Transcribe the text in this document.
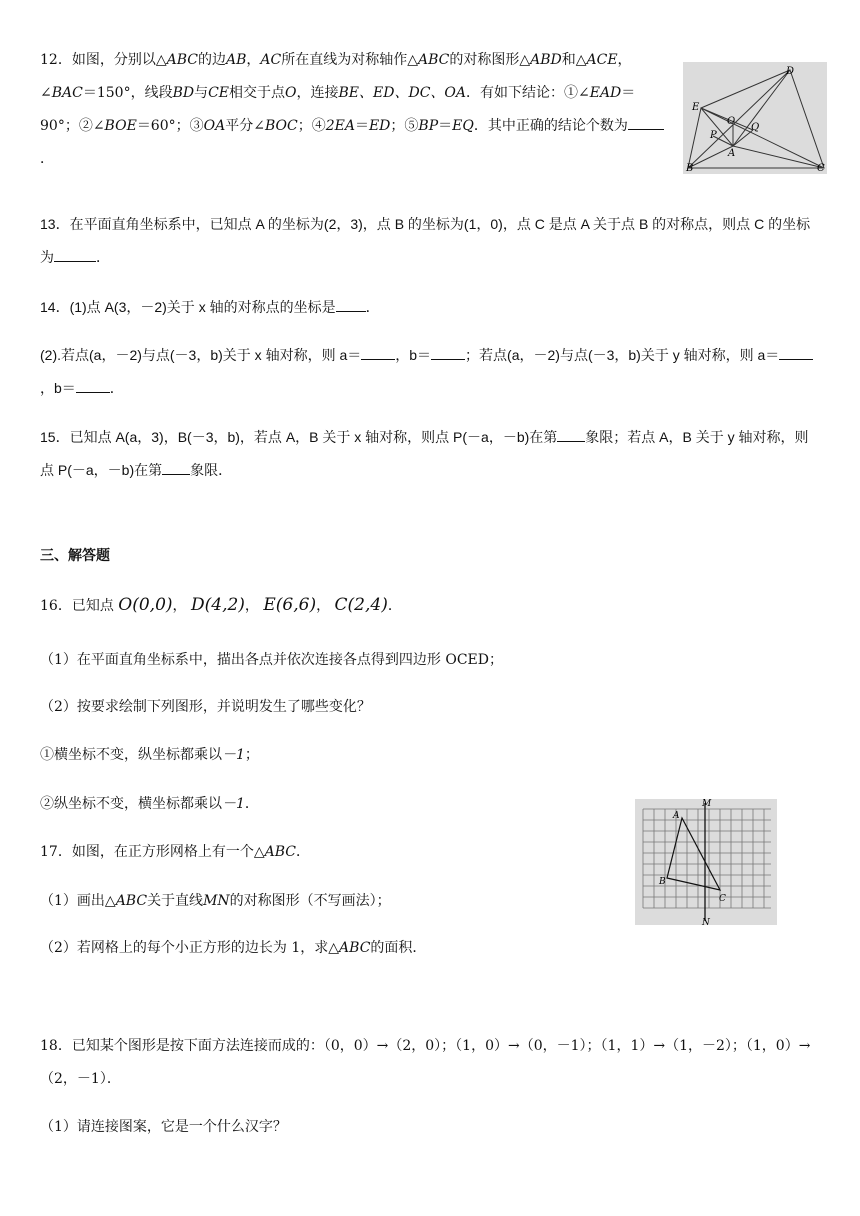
12．如图，分别以△ABC的边AB，AC所在直线为对称轴作△ABC的对称图形△ABD和△ACE，∠BAC＝150°，线段BD与CE相交于点O，连接BE、ED、DC、OA．有如下结论：①∠EAD＝90°；②∠BOE＝60°；③OA平分∠BOC；④2EA＝ED；⑤BP＝EQ．其中正确的结论个数为．
D
E
O
Q
P
A
B	C
13．在平面直角坐标系中，已知点 A 的坐标为(2，3)，点 B 的坐标为(1，0)，点 C 是点 A 关于点 B 的对称点，则点 C 的坐标为	．
14．(1)点 A(3，－2)关于 x 轴的对称点的坐标是 ．
(2).若点(a，－2)与点(－3，b)关于 x 轴对称，则 a＝ ，b＝ ；若点(a，－2)与点(－3，b)关于 y 轴对称，则 a＝，b＝ ．
15．已知点 A(a，3)，B(－3，b)，若点 A，B 关于 x 轴对称，则点 P(－a，－b)在第 象限；若点 A，B 关于 y 轴对称，则点 P(－a，－b)在第 象限．
三、解答题
16．已知点 O(0,0)， D(4,2)， E(6,6)， C(2,4)．
（1）在平面直角坐标系中，描出各点并依次连接各点得到四边形 OCED；
（2）按要求绘制下列图形，并说明发生了哪些变化？
①横坐标不变，纵坐标都乘以－1；
②纵坐标不变，横坐标都乘以－1．
17．如图，在正方形网格上有一个△ABC．
（1）画出△ABC关于直线MN的对称图形（不写画法）；
（2）若网格上的每个小正方形的边长为 1，求△ABC的面积．
M
A
B
C
N
18．已知某个图形是按下面方法连接而成的：（0，0）→（2，0）；（1，0）→（0，－1）；（1，1）→（1，－2）；（1，0）→（2，－1）．
（1）请连接图案，它是一个什么汉字？
